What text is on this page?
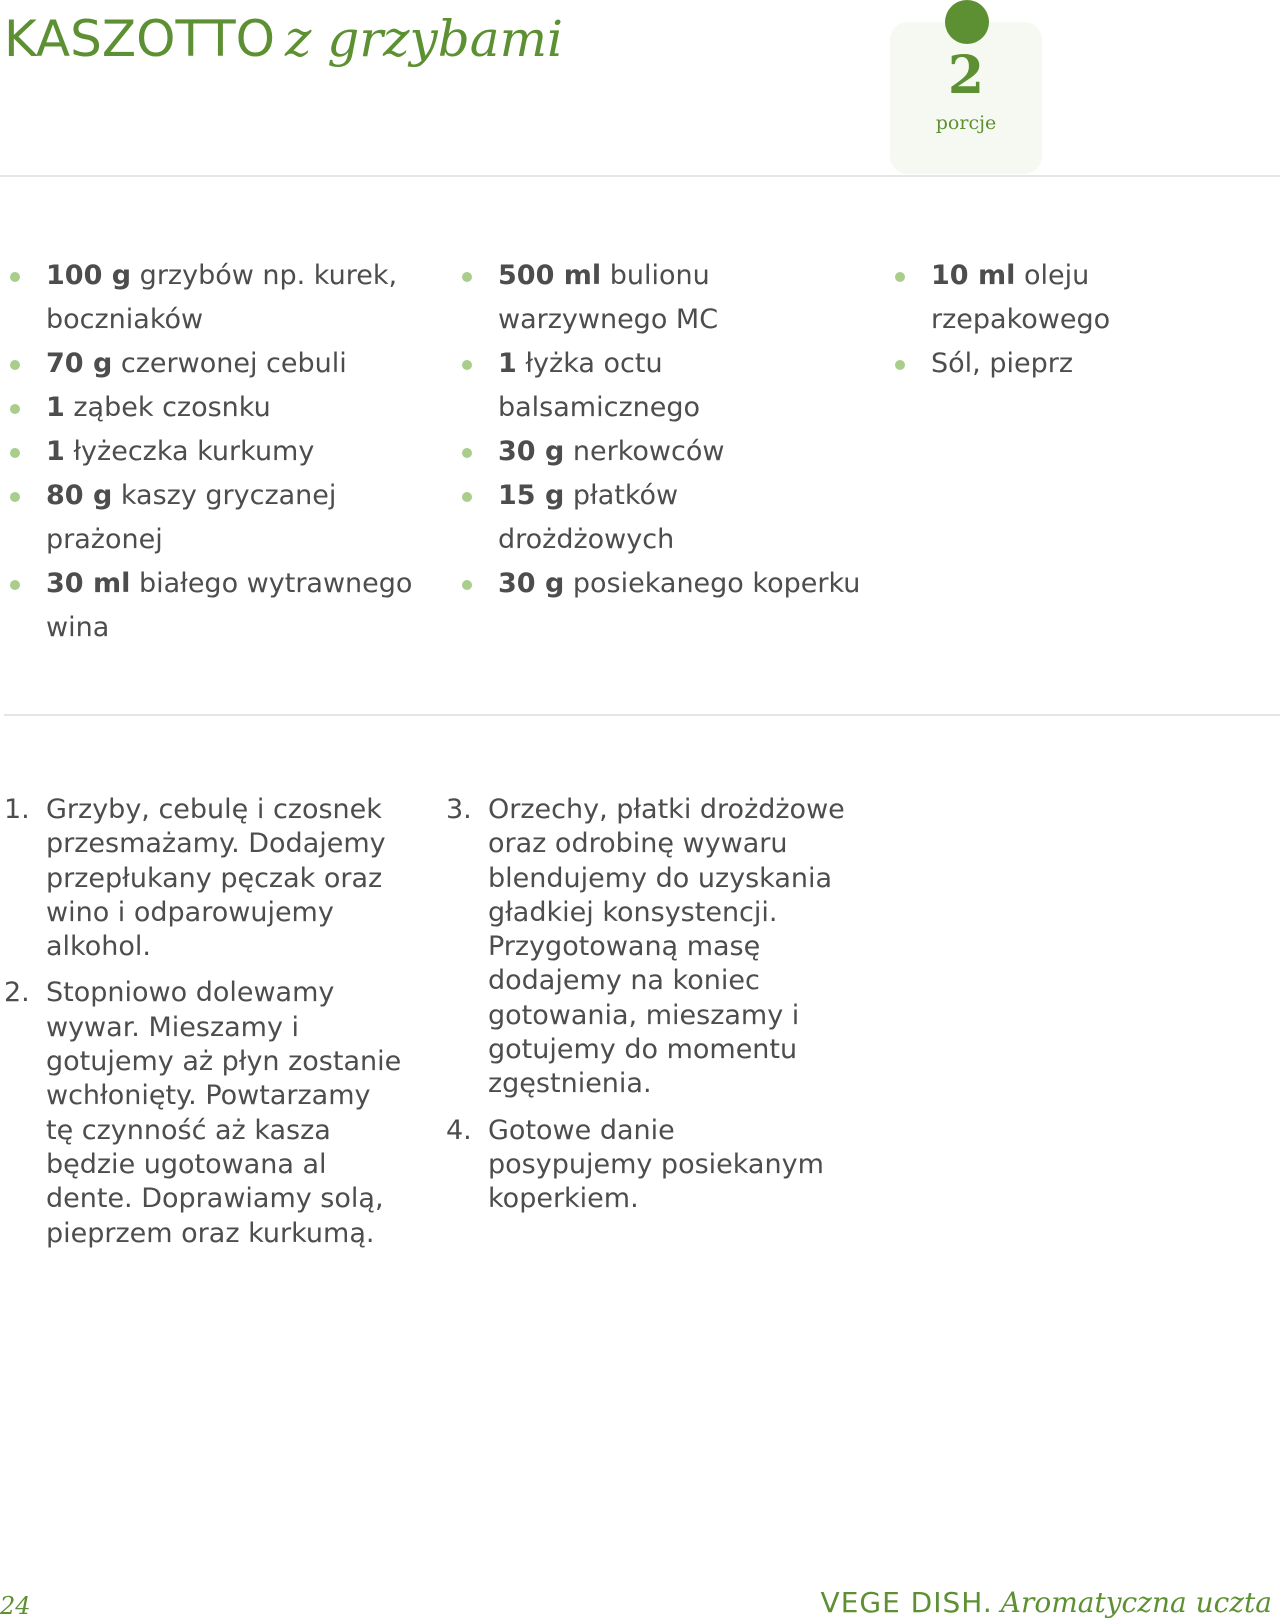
KASZOTTO z grzybami
2
porcje
100 g grzybów np. kurek, boczniaków
70 g czerwonej cebuli
1 ząbek czosnku
1 łyżeczka kurkumy
80 g kaszy gryczanej prażonej
30 ml białego wytrawnego wina
500 ml bulionu warzywnego MC
1 łyżka octu balsamicznego
30 g nerkowców
15 g płatków drożdżowych
30 g posiekanego koperku
10 ml oleju rzepakowego
Sól, pieprz
1. Grzyby, cebulę i czosnek przesmażamy. Dodajemy przepłukany pęczak oraz wino i odparowujemy alkohol.
2. Stopniowo dolewamy wywar. Mieszamy i gotujemy aż płyn zostanie wchłonięty. Powtarzamy tę czynność aż kasza będzie ugotowana al dente. Doprawiamy solą, pieprzem oraz kurkumą.
3. Orzechy, płatki drożdżowe oraz odrobinę wywaru blendujemy do uzyskania gładkiej konsystencji. Przygotowaną masę dodajemy na koniec gotowania, mieszamy i gotujemy do momentu zgęstnienia.
4. Gotowe danie posypujemy posiekanym koperkiem.
24	VEGE DISH. Aromatyczna uczta
